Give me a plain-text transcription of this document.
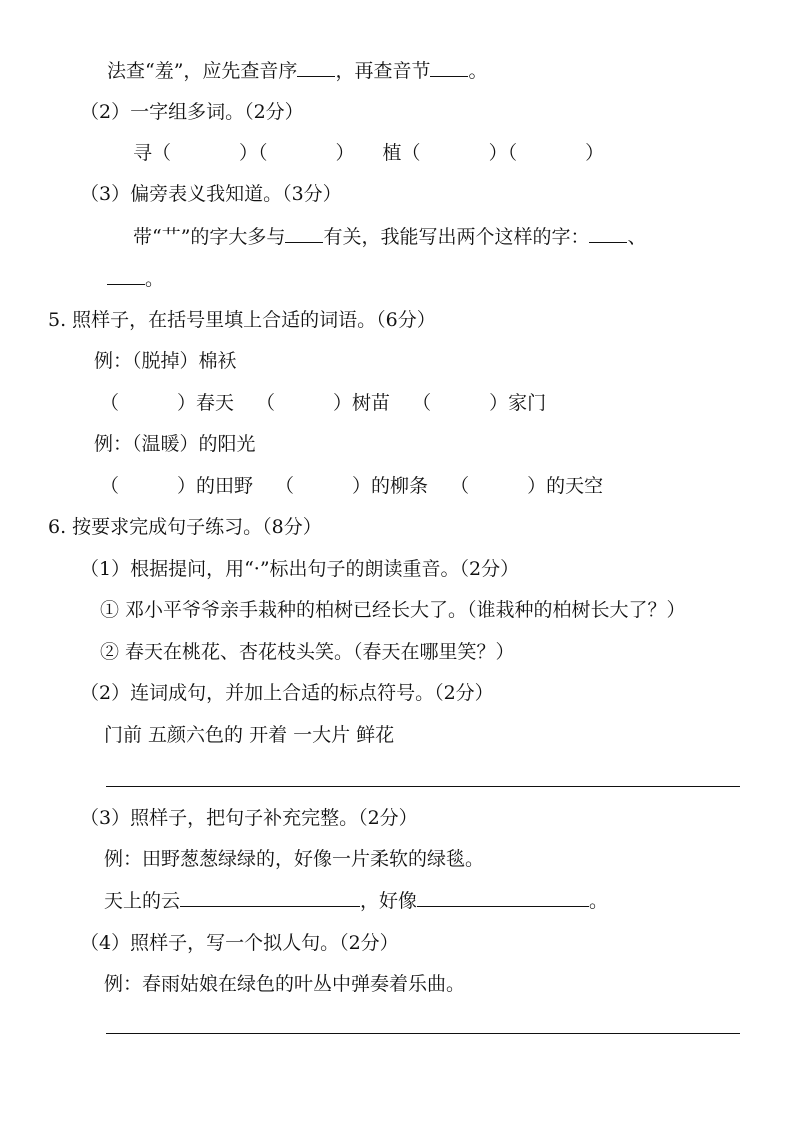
法查“羞”，应先查音序 ，再查音节 。
（2）一字组多词。（2分）
寻（	）（	） 植（	）（	）
（3）偏旁表义我知道。（3分）
带“艹”的字大多与 有关，我能写出两个这样的字： 、
。
5. 照样子，在括号里填上合适的词语。（6分）
例：（脱掉）棉袄
（	）春天 （	）树苗 （	）家门
例：（温暖）的阳光
（	）的田野 （	）的柳条 （	）的天空
6. 按要求完成句子练习。（8分）
（1）根据提问，用“·”标出句子的朗读重音。（2分）
① 邓小平爷爷亲手栽种的柏树已经长大了。（谁栽种的柏树长大了？）
② 春天在桃花、杏花枝头笑。（春天在哪里笑？）
（2）连词成句，并加上合适的标点符号。（2分）
门前 五颜六色的 开着 一大片 鲜花
（3）照样子，把句子补充完整。（2分）
例：田野葱葱绿绿的，好像一片柔软的绿毯。
天上的云	，好像	。
（4）照样子，写一个拟人句。（2分）
例：春雨姑娘在绿色的叶丛中弹奏着乐曲。
